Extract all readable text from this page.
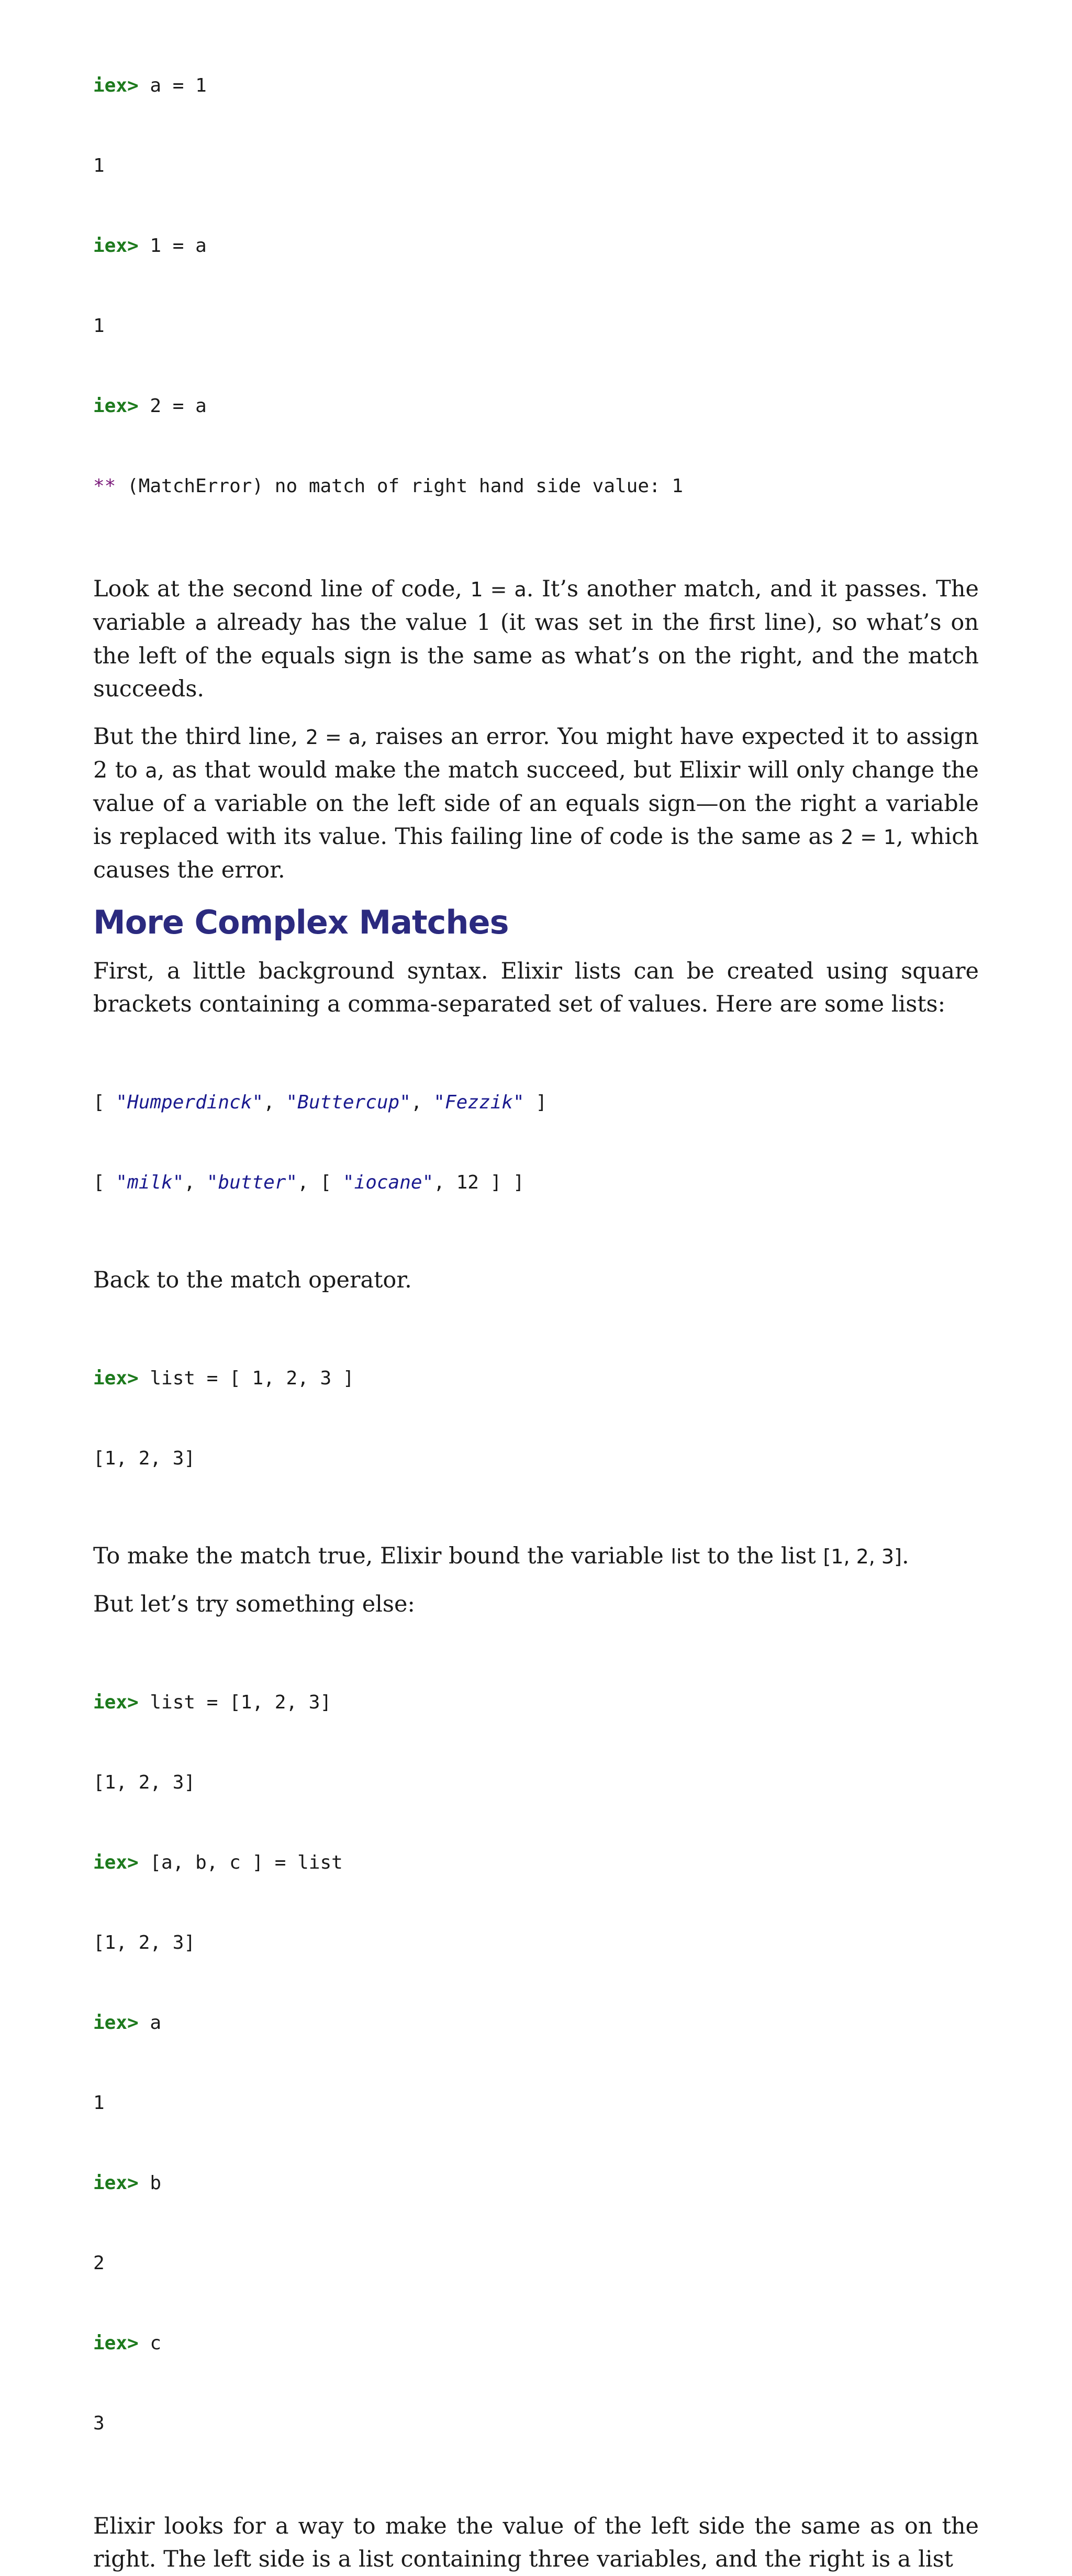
iex> a = 1

1

iex> 1 = a

1

iex> 2 = a

** (MatchError) no match of right hand side value: 1

Look at the second line of code, 1 = a. It’s another match, and it passes. The variable a already has the value 1 (it was set in the first line), so what’s on the left of the equals sign is the same as what’s on the right, and the match succeeds.

But the third line, 2 = a, raises an error. You might have expected it to assign 2 to a, as that would make the match succeed, but Elixir will only change the value of a variable on the left side of an equals sign—on the right a variable is replaced with its value. This failing line of code is the same as 2 = 1, which causes the error.

More Complex Matches

First, a little background syntax. Elixir lists can be created using square brackets containing a comma-separated set of values. Here are some lists:

[ "Humperdinck", "Buttercup", "Fezzik" ]

[ "milk", "butter", [ "iocane", 12 ] ]

Back to the match operator.

iex> list = [ 1, 2, 3 ]

[1, 2, 3]

To make the match true, Elixir bound the variable list to the list [1, 2, 3].

But let’s try something else:

iex> list = [1, 2, 3]

[1, 2, 3]

iex> [a, b, c ] = list

[1, 2, 3]

iex> a

1

iex> b

2

iex> c

3

Elixir looks for a way to make the value of the left side the same as on the right. The left side is a list containing three variables, and the right is a list
